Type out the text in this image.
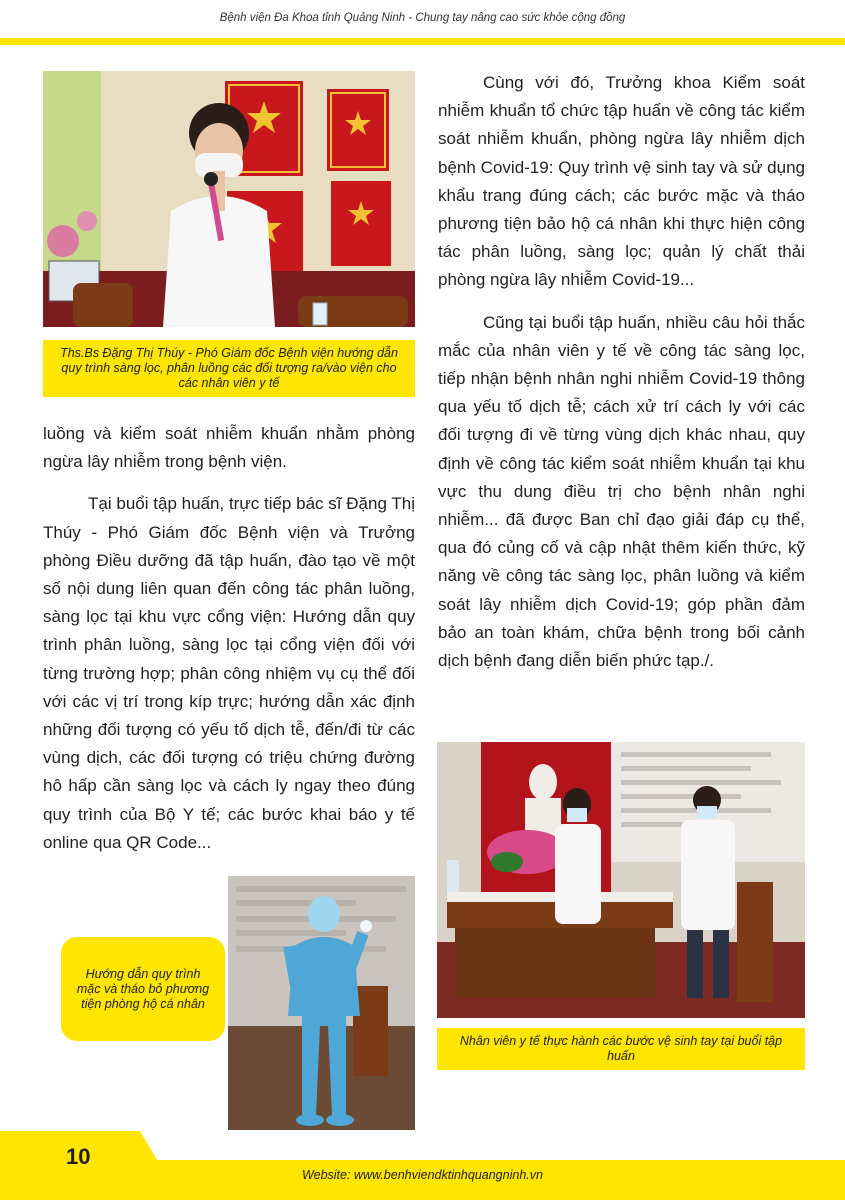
Bệnh viện Đa Khoa tỉnh Quảng Ninh - Chung tay nâng cao sức khỏe cộng đồng
Ths.Bs Đặng Thị Thúy - Phó Giám đốc Bệnh viện hướng dẫn quy trình sàng lọc, phân luồng các đối tượng ra/vào viện cho các nhân viên y tế

luồng và kiểm soát nhiễm khuẩn nhằm phòng ngừa lây nhiễm trong bệnh viện.

Tại buổi tập huấn, trực tiếp bác sĩ Đặng Thị Thúy - Phó Giám đốc Bệnh viện và Trưởng phòng Điều dưỡng đã tập huấn, đào tạo về một số nội dung liên quan đến công tác phân luồng, sàng lọc tại khu vực cổng viện: Hướng dẫn quy trình phân luồng, sàng lọc tại cổng viện đối với từng trường hợp; phân công nhiệm vụ cụ thể đối với các vị trí trong kíp trực; hướng dẫn xác định những đối tượng có yếu tố dịch tễ, đến/đi từ các vùng dịch, các đối tượng có triệu chứng đường hô hấp cần sàng lọc và cách ly ngay theo đúng quy trình của Bộ Y tế; các bước khai báo y tế online qua QR Code...

Cùng với đó, Trưởng khoa Kiểm soát nhiễm khuẩn tổ chức tập huấn về công tác kiểm soát nhiễm khuẩn, phòng ngừa lây nhiễm dịch bệnh Covid-19: Quy trình vệ sinh tay và sử dụng khẩu trang đúng cách; các bước mặc và tháo phương tiện bảo hộ cá nhân khi thực hiện công tác phân luồng, sàng lọc; quản lý chất thải phòng ngừa lây nhiễm Covid-19...

Cũng tại buổi tập huấn, nhiều câu hỏi thắc mắc của nhân viên y tế về công tác sàng lọc, tiếp nhận bệnh nhân nghi nhiễm Covid-19 thông qua yếu tố dịch tễ; cách xử trí cách ly với các đối tượng đi về từng vùng dịch khác nhau, quy định về công tác kiểm soát nhiễm khuẩn tại khu vực thu dung điều trị cho bệnh nhân nghi nhiễm... đã được Ban chỉ đạo giải đáp cụ thể, qua đó củng cố và cập nhật thêm kiến thức, kỹ năng về công tác sàng lọc, phân luồng và kiểm soát lây nhiễm dịch Covid-19; góp phần đảm bảo an toàn khám, chữa bệnh trong bối cảnh dịch bệnh đang diễn biến phức tạp./.

Hướng dẫn quy trình mặc và tháo bỏ phương tiện phòng hộ cá nhân
Nhân viên y tế thực hành các bước vệ sinh tay tại buổi tập huấn
10
Website: www.benhviendktinhquangninh.vn
